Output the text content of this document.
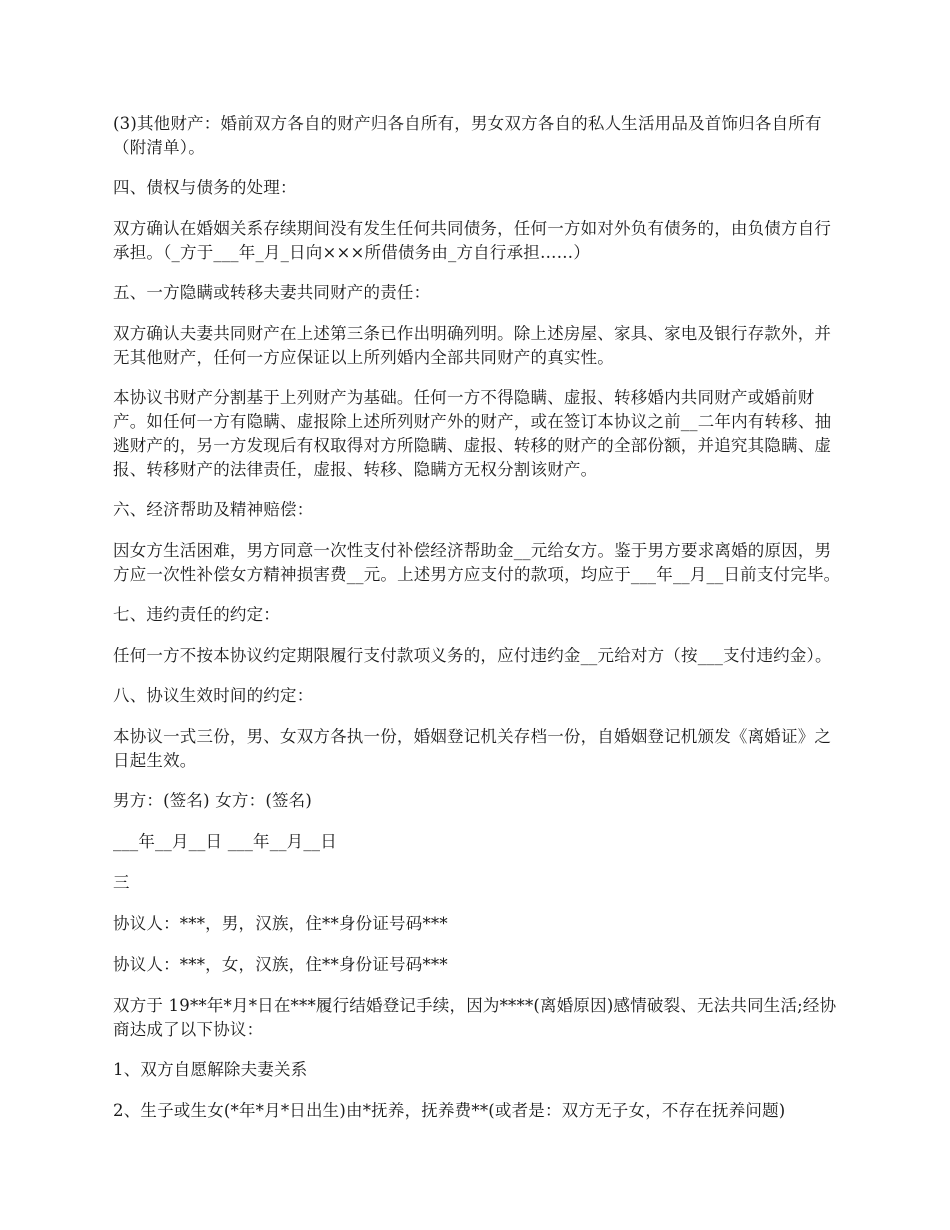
(3)其他财产：婚前双方各自的财产归各自所有，男女双方各自的私人生活用品及首饰归各自所有（附清单）。

四、债权与债务的处理：

双方确认在婚姻关系存续期间没有发生任何共同债务，任何一方如对外负有债务的，由负债方自行承担。（_方于___年_月_日向×××所借债务由_方自行承担……）

五、一方隐瞒或转移夫妻共同财产的责任：

双方确认夫妻共同财产在上述第三条已作出明确列明。除上述房屋、家具、家电及银行存款外，并无其他财产，任何一方应保证以上所列婚内全部共同财产的真实性。

本协议书财产分割基于上列财产为基础。任何一方不得隐瞒、虚报、转移婚内共同财产或婚前财产。如任何一方有隐瞒、虚报除上述所列财产外的财产，或在签订本协议之前__二年内有转移、抽逃财产的，另一方发现后有权取得对方所隐瞒、虚报、转移的财产的全部份额，并追究其隐瞒、虚报、转移财产的法律责任，虚报、转移、隐瞒方无权分割该财产。

六、经济帮助及精神赔偿：

因女方生活困难，男方同意一次性支付补偿经济帮助金__元给女方。鉴于男方要求离婚的原因，男方应一次性补偿女方精神损害费__元。上述男方应支付的款项，均应于___年__月__日前支付完毕。

七、违约责任的约定：

任何一方不按本协议约定期限履行支付款项义务的，应付违约金__元给对方（按___支付违约金）。

八、协议生效时间的约定：

本协议一式三份，男、女双方各执一份，婚姻登记机关存档一份，自婚姻登记机颁发《离婚证》之日起生效。

男方：(签名) 女方：(签名)

___年__月__日 ___年__月__日

三

协议人：***，男，汉族，住**身份证号码***

协议人：***，女，汉族，住**身份证号码***

双方于 19**年*月*日在***履行结婚登记手续，因为****(离婚原因)感情破裂、无法共同生活;经协商达成了以下协议：

1、双方自愿解除夫妻关系

2、生子或生女(*年*月*日出生)由*抚养，抚养费**(或者是：双方无子女，不存在抚养问题)
